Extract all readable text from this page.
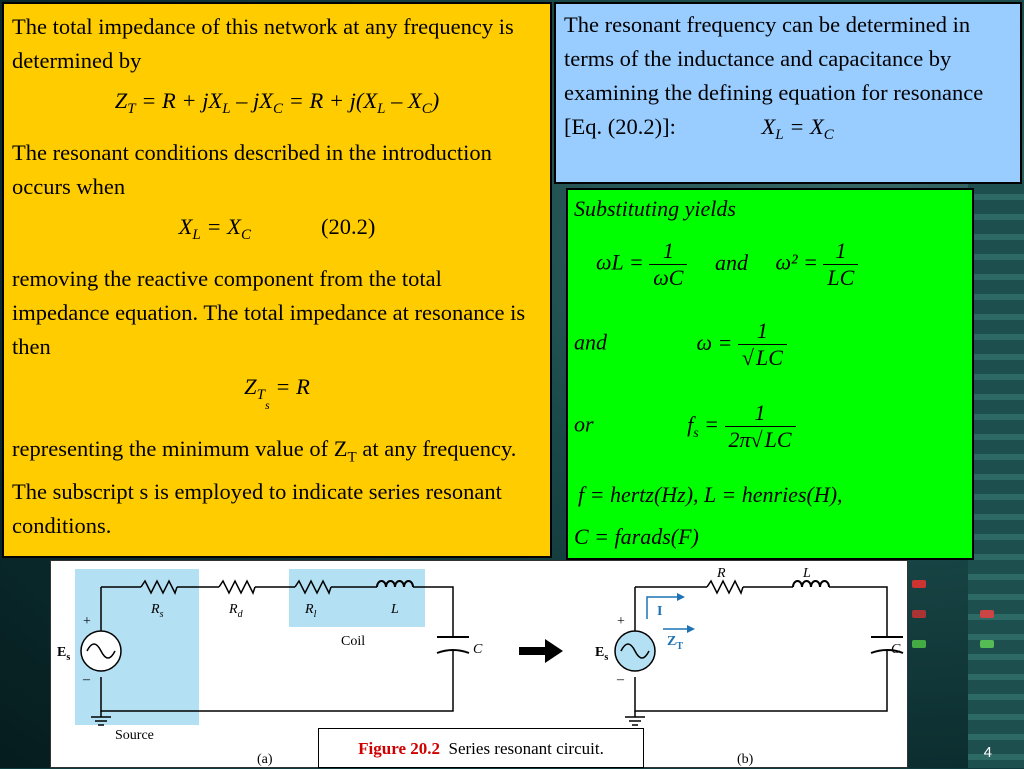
The total impedance of this network at any frequency is determined by

$Z_T = R + jX_L - jX_C = R + j(X_L - X_C)$

The resonant conditions described in the introduction occurs when

$X_L = X_C$	(20.2)

removing the reactive component from the total impedance equation. The total impedance at resonance is then

$Z_{T_s} = R$

representing the minimum value of $Z_T$ at any frequency. The subscript s is employed to indicate series resonant conditions.

The resonant frequency can be determined in terms of the inductance and capacitance by examining the defining equation for resonance [Eq. (20.2)]:	$X_L = X_C$
Substituting yields
$\omega L = \frac{1}{\omega C}$ and $\omega^2 = \frac{1}{LC}$
and	$\omega = \frac{1}{√LC}$
or	$f_s = \frac{1}{2\pi√LC}$
f = hertz(Hz), L = henries(H),
C = farads(F)
+
–
$E_s$
$R_s$	$R_d$	$R_l$	L
Coil
C
Source
(a)
+
–
$E_s$
I
$Z_T$
R	L
C
(b)
Figure 20.2 Series resonant circuit.	4
